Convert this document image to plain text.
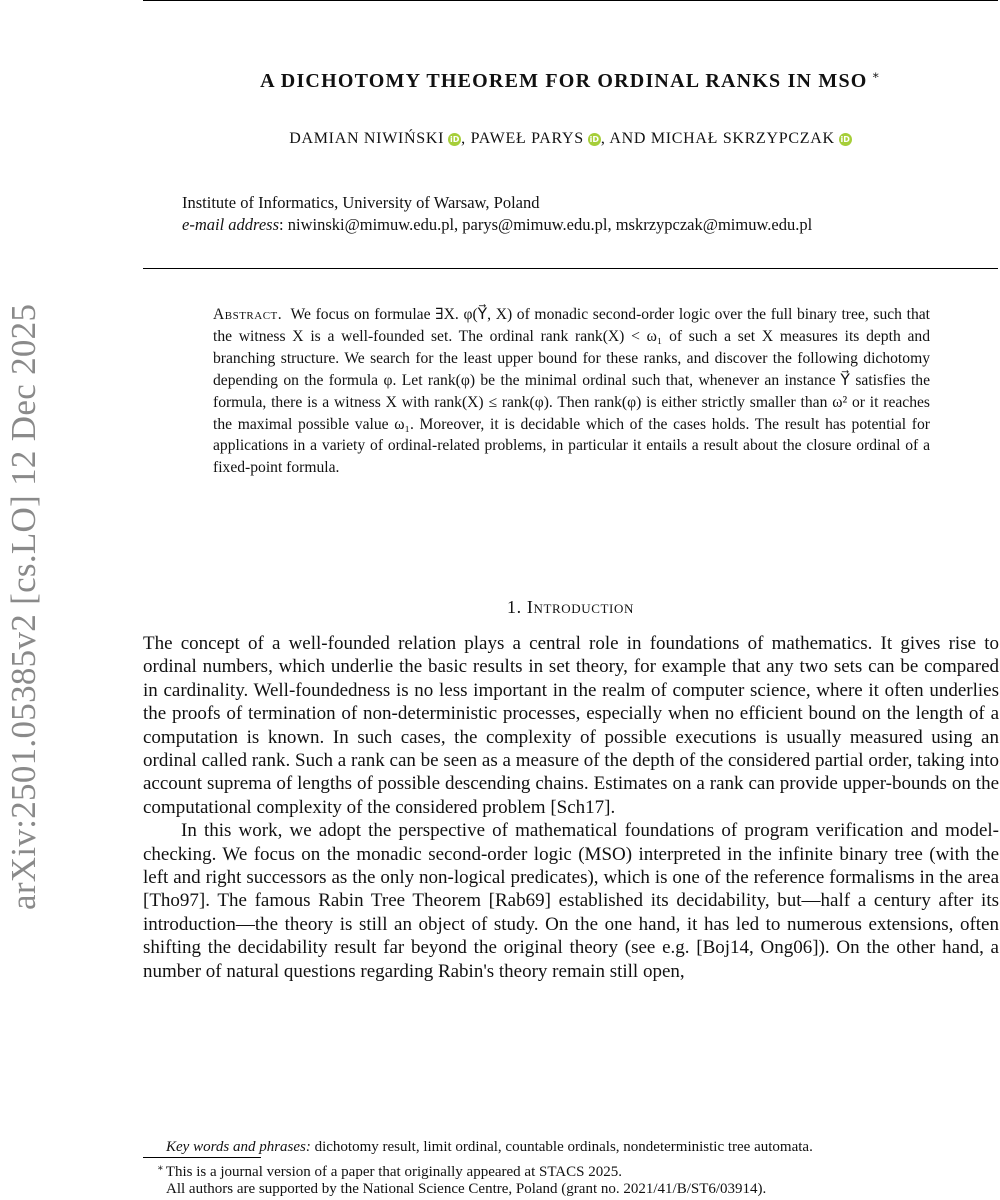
arXiv:2501.05385v2 [cs.LO] 12 Dec 2025
A DICHOTOMY THEOREM FOR ORDINAL RANKS IN MSO ∗
DAMIAN NIWIŃSKI iD , PAWEŁ PARYS iD , AND MICHAŁ SKRZYPCZAK iD
Institute of Informatics, University of Warsaw, Poland
e-mail address: niwinski@mimuw.edu.pl, parys@mimuw.edu.pl, mskrzypczak@mimuw.edu.pl
Abstract. We focus on formulae ∃X. φ(Y⃗, X) of monadic second-order logic over the full binary tree, such that the witness X is a well-founded set. The ordinal rank rank(X) < ω₁ of such a set X measures its depth and branching structure. We search for the least upper bound for these ranks, and discover the following dichotomy depending on the formula φ. Let rank(φ) be the minimal ordinal such that, whenever an instance Y⃗ satisfies the formula, there is a witness X with rank(X) ≤ rank(φ). Then rank(φ) is either strictly smaller than ω² or it reaches the maximal possible value ω₁. Moreover, it is decidable which of the cases holds. The result has potential for applications in a variety of ordinal-related problems, in particular it entails a result about the closure ordinal of a fixed-point formula.
1. Introduction

The concept of a well-founded relation plays a central role in foundations of mathematics. It gives rise to ordinal numbers, which underlie the basic results in set theory, for example that any two sets can be compared in cardinality. Well-foundedness is no less important in the realm of computer science, where it often underlies the proofs of termination of non-deterministic processes, especially when no efficient bound on the length of a computation is known. In such cases, the complexity of possible executions is usually measured using an ordinal called rank. Such a rank can be seen as a measure of the depth of the considered partial order, taking into account suprema of lengths of possible descending chains. Estimates on a rank can provide upper-bounds on the computational complexity of the considered problem [Sch17].

In this work, we adopt the perspective of mathematical foundations of program verification and model-checking. We focus on the monadic second-order logic (MSO) interpreted in the infinite binary tree (with the left and right successors as the only non-logical predicates), which is one of the reference formalisms in the area [Tho97]. The famous Rabin Tree Theorem [Rab69] established its decidability, but—half a century after its introduction—the theory is still an object of study. On the one hand, it has led to numerous extensions, often shifting the decidability result far beyond the original theory (see e.g. [Boj14, Ong06]). On the other hand, a number of natural questions regarding Rabin's theory remain still open,

Key words and phrases: dichotomy result, limit ordinal, countable ordinals, nondeterministic tree automata.
∗ This is a journal version of a paper that originally appeared at STACS 2025.
All authors are supported by the National Science Centre, Poland (grant no. 2021/41/B/ST6/03914).
